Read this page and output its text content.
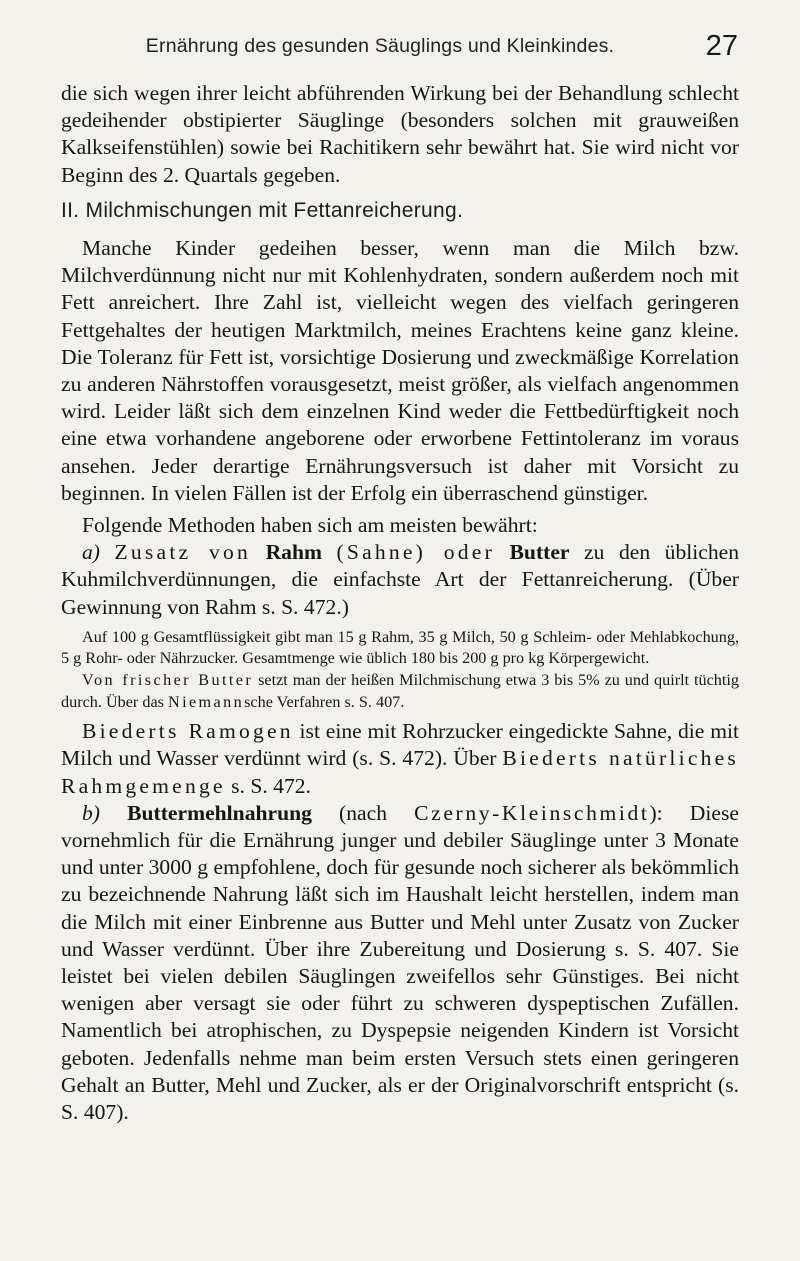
Ernährung des gesunden Säuglings und Kleinkindes.	27

die sich wegen ihrer leicht abführenden Wirkung bei der Behandlung schlecht gedeihender obstipierter Säuglinge (besonders solchen mit grauweißen Kalkseifenstühlen) sowie bei Rachitikern sehr bewährt hat. Sie wird nicht vor Beginn des 2. Quartals gegeben.

II. Milchmischungen mit Fettanreicherung.

Manche Kinder gedeihen besser, wenn man die Milch bzw. Milchverdünnung nicht nur mit Kohlenhydraten, sondern außerdem noch mit Fett anreichert. Ihre Zahl ist, vielleicht wegen des vielfach geringeren Fettgehaltes der heutigen Marktmilch, meines Erachtens keine ganz kleine. Die Toleranz für Fett ist, vorsichtige Dosierung und zweckmäßige Korrelation zu anderen Nährstoffen vorausgesetzt, meist größer, als vielfach angenommen wird. Leider läßt sich dem einzelnen Kind weder die Fettbedürftigkeit noch eine etwa vorhandene angeborene oder erworbene Fettintoleranz im voraus ansehen. Jeder derartige Ernährungsversuch ist daher mit Vorsicht zu beginnen. In vielen Fällen ist der Erfolg ein überraschend günstiger.

Folgende Methoden haben sich am meisten bewährt:

a) Zusatz von Rahm (Sahne) oder Butter zu den üblichen Kuhmilchverdünnungen, die einfachste Art der Fettanreicherung. (Über Gewinnung von Rahm s. S. 472.)

Auf 100 g Gesamtflüssigkeit gibt man 15 g Rahm, 35 g Milch, 50 g Schleim- oder Mehlabkochung, 5 g Rohr- oder Nährzucker. Gesamtmenge wie üblich 180 bis 200 g pro kg Körpergewicht.

Von frischer Butter setzt man der heißen Milchmischung etwa 3 bis 5% zu und quirlt tüchtig durch. Über das Niemannsche Verfahren s. S. 407.

Biederts Ramogen ist eine mit Rohrzucker eingedickte Sahne, die mit Milch und Wasser verdünnt wird (s. S. 472). Über Biederts natürliches Rahmgemenge s. S. 472.

b) Buttermehlnahrung (nach Czerny-Kleinschmidt): Diese vornehmlich für die Ernährung junger und debiler Säuglinge unter 3 Monate und unter 3000 g empfohlene, doch für gesunde noch sicherer als bekömmlich zu bezeichnende Nahrung läßt sich im Haushalt leicht herstellen, indem man die Milch mit einer Einbrenne aus Butter und Mehl unter Zusatz von Zucker und Wasser verdünnt. Über ihre Zubereitung und Dosierung s. S. 407. Sie leistet bei vielen debilen Säuglingen zweifellos sehr Günstiges. Bei nicht wenigen aber versagt sie oder führt zu schweren dyspeptischen Zufällen. Namentlich bei atrophischen, zu Dyspepsie neigenden Kindern ist Vorsicht geboten. Jedenfalls nehme man beim ersten Versuch stets einen geringeren Gehalt an Butter, Mehl und Zucker, als er der Originalvorschrift entspricht (s. S. 407).
